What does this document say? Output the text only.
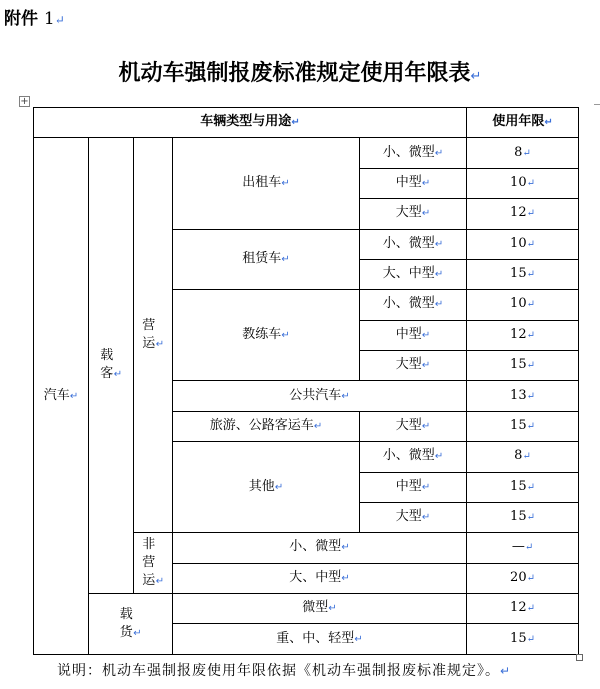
附件 1↵
机动车强制报废标准规定使用年限表↵
+
车辆类型与用途↵					使用年限↵
汽车↵	载客↵	营运↵	出租车↵	小、微型↵	8↵
				中型↵	10↵
				大型↵	12↵
			租赁车↵	小、微型↵	10↵
				大、中型↵	15↵
			教练车↵	小、微型↵	10↵
				中型↵	12↵
				大型↵	15↵
			公共汽车↵		13↵
			旅游、公路客运车↵	大型↵	15↵
			其他↵	小、微型↵	8↵
				中型↵	15↵
				大型↵	15↵
		非营运↵	小、微型↵		—↵
			大、中型↵		20↵
	载货↵		微型↵		12↵
			重、中、轻型↵		15↵
说明：机动车强制报废使用年限依据《机动车强制报废标准规定》。↵
